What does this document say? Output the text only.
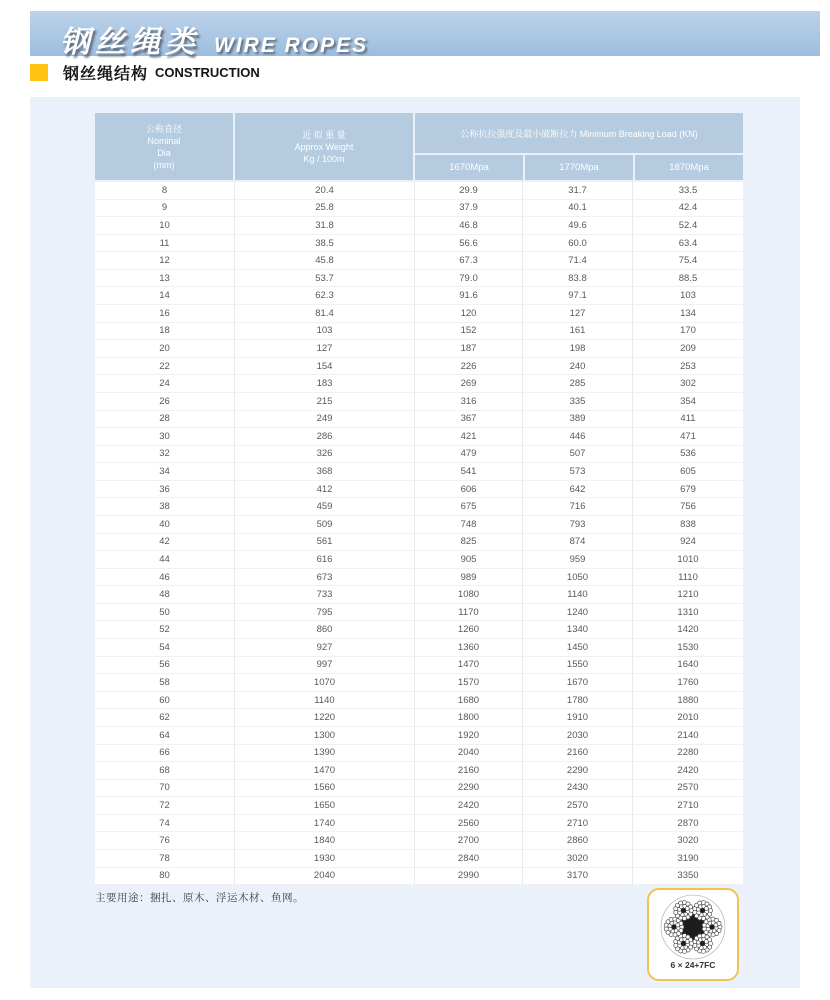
钢丝绳类 WIRE ROPES
钢丝绳结构 CONSTRUCTION
公称直径
Nominal
Dia
(mm)
近 似 重 量
Approx Weight
Kg / 100m
公称抗拉强度及最小破断拉力 Minimum Breaking Load (KN)
1670Mpa	1770Mpa	1870Mpa
8	20.4	29.9	31.7	33.5
9	25.8	37.9	40.1	42.4
10	31.8	46.8	49.6	52.4
11	38.5	56.6	60.0	63.4
12	45.8	67.3	71.4	75.4
13	53.7	79.0	83.8	88.5
14	62.3	91.6	97.1	103
16	81.4	120	127	134
18	103	152	161	170
20	127	187	198	209
22	154	226	240	253
24	183	269	285	302
26	215	316	335	354
28	249	367	389	411
30	286	421	446	471
32	326	479	507	536
34	368	541	573	605
36	412	606	642	679
38	459	675	716	756
40	509	748	793	838
42	561	825	874	924
44	616	905	959	1010
46	673	989	1050	1110
48	733	1080	1140	1210
50	795	1170	1240	1310
52	860	1260	1340	1420
54	927	1360	1450	1530
56	997	1470	1550	1640
58	1070	1570	1670	1760
60	1140	1680	1780	1880
62	1220	1800	1910	2010
64	1300	1920	2030	2140
66	1390	2040	2160	2280
68	1470	2160	2290	2420
70	1560	2290	2430	2570
72	1650	2420	2570	2710
74	1740	2560	2710	2870
76	1840	2700	2860	3020
78	1930	2840	3020	3190
80	2040	2990	3170	3350
主要用途：捆扎、原木、浮运木材、鱼网。
6 × 24+7FC
